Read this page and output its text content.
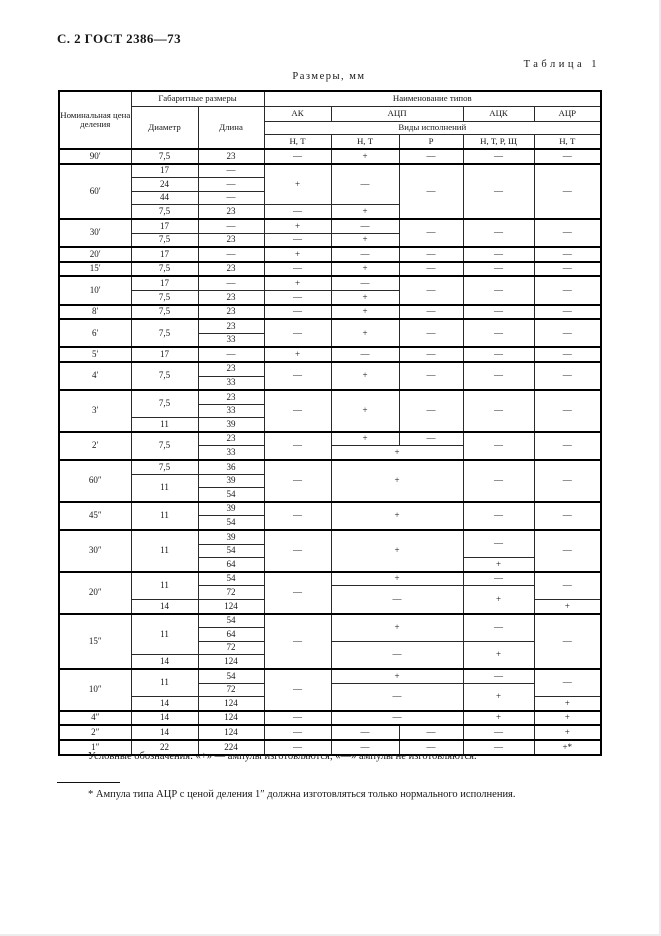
С. 2 ГОСТ 2386—73
Таблица 1
Размеры, мм
Номинальная цена деления	Габаритные размеры		Наименование типов				
	Диаметр	Длина	АК	АЦП		АЦК	АЦР
			Виды исполнений				
			Н, Т	Н, Т	Р	Н, Т, Р, Щ	Н, Т
90′	7,5	23	—	+	—	—	—
60′	17	—	+	—	—	—	—
	24	—					
	44	—					
	7,5	23	—	+			
30′	17	—	+	—	—	—	—
	7,5	23	—	+			
20′	17	—	+	—	—	—	—
15′	7,5	23	—	+	—	—	—
10′	17	—	+	—	—	—	—
	7,5	23	—	+			
8′	7,5	23	—	+	—	—	—
6′	7,5	23	—	+	—	—	—
		33					
5′	17	—	+	—	—	—	—
4′	7,5	23	—	+	—	—	—
		33					
3′	7,5	23	—	+	—	—	—
		33					
	11	39					
2′	7,5	23	—	+	—	—	—
		33		+			
60″	7,5	36	—	+		—	—
	11	39					
		54					
45″	11	39	—	+		—	—
		54					
30″	11	39	—	+		—	—
		54					
		64				+	
20″	11	54	—	+		—	—
		72		—		+	
	14	124					+
15″	11	54	—	+		—	—
		64					
		72		—		+	
	14	124					
10″	11	54	—	+		—	—
		72		—		+	
	14	124					+
4″	14	124	—	—		+	+
2″	14	124	—	—	—	—	+
1″	22	224	—	—	—	—	+*
Условные обозначения: «+» — ампулы изготовляются; «—» ампулы не изготовляются.
* Ампула типа АЦР с ценой деления 1″ должна изготовляться только нормального исполнения.
